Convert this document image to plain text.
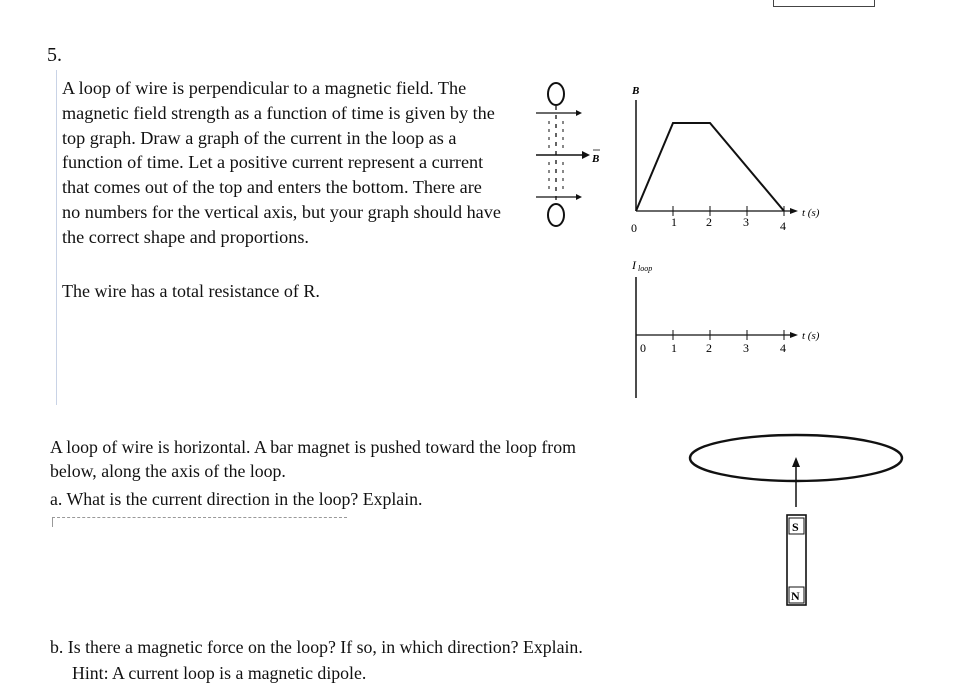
5.
A loop of wire is perpendicular to a magnetic field. The magnetic field strength as a function of time is given by the top graph. Draw a graph of the current in the loop as a function of time. Let a positive current represent a current that comes out of the top and enters the bottom. There are no numbers for the vertical axis, but your graph should have the correct shape and proportions.
The wire has a total resistance of R.
B
B
0	1 2	3	4
t (s)
I loop
0 1 2	3	4
t (s)
A loop of wire is horizontal. A bar magnet is pushed toward the loop from below, along the axis of the loop.
a. What is the current direction in the loop? Explain.
b. Is there a magnetic force on the loop? If so, in which direction? Explain.
Hint: A current loop is a magnetic dipole.
S
N
